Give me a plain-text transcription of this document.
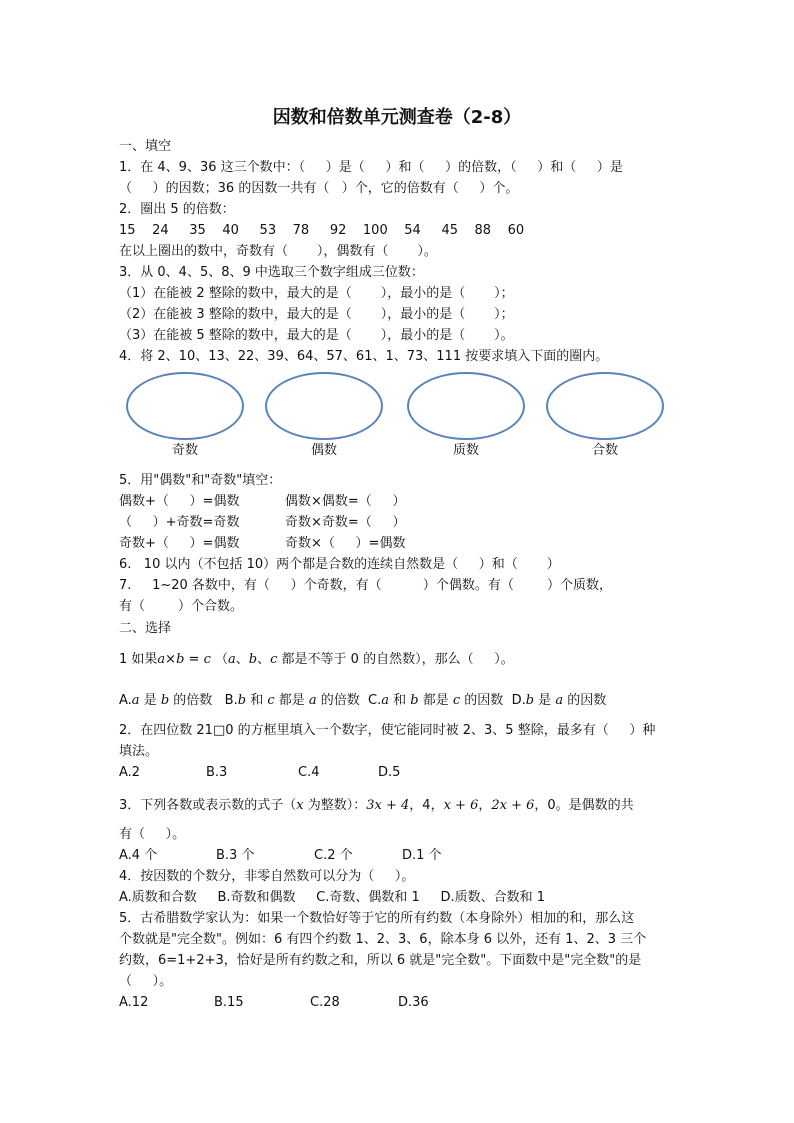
因数和倍数单元测查卷（2-8）
一、填空
1．在 4、9、36 这三个数中：（     ）是（     ）和（     ）的倍数，（     ）和（     ）是
（     ）的因数；36 的因数一共有（   ）个，它的倍数有（     ）个。
2．圈出 5 的倍数：
15    24     35    40     53    78     92    100    54     45    88    60
在以上圈出的数中，奇数有（       ），偶数有（       ）。
3．从 0、4、5、8、9 中选取三个数字组成三位数：
（1）在能被 2 整除的数中，最大的是（       ），最小的是（       ）；
（2）在能被 3 整除的数中，最大的是（       ），最小的是（       ）；
（3）在能被 5 整除的数中，最大的是（       ），最小的是（       ）。
4．将 2、10、13、22、39、64、57、61、1、73、111 按要求填入下面的圈内。
奇数	偶数	质数	合数
5．用"偶数"和"奇数"填空：
偶数+（     ）=偶数	偶数×偶数=（     ）
（     ）+奇数=奇数	奇数×奇数=（     ）
奇数+（     ）=偶数	奇数×（     ）=偶数
6.   10 以内（不包括 10）两个都是合数的连续自然数是（     ）和（       ）
7.     1~20 各数中，有（     ）个奇数，有（          ）个偶数。有（        ）个质数，
有（        ）个合数。
二、选择
1 如果a×b = c （a、b、c 都是不等于 0 的自然数），那么（     ）。
A.a 是 b 的倍数   B.b 和 c 都是 a 的倍数  C.a 和 b 都是 c 的因数  D.b 是 a 的因数
2．在四位数 21□0 的方框里填入一个数字，使它能同时被 2、3、5 整除，最多有（     ）种
填法。
A.2	B.3	C.4	D.5
3．下列各数或表示数的式子（x 为整数）：3x + 4，4，x + 6，2x + 6，0。是偶数的共
有（     ）。
A.4 个	B.3 个	C.2 个	D.1 个
4．按因数的个数分，非零自然数可以分为（     ）。
A.质数和合数     B.奇数和偶数     C.奇数、偶数和 1     D.质数、合数和 1
5．古希腊数学家认为：如果一个数恰好等于它的所有约数（本身除外）相加的和，那么这
个数就是"完全数"。例如：6 有四个约数 1、2、3、6，除本身 6 以外，还有 1、2、3 三个
约数，6=1+2+3，恰好是所有约数之和，所以 6 就是"完全数"。下面数中是"完全数"的是
（     ）。
A.12	B.15	C.28	D.36
